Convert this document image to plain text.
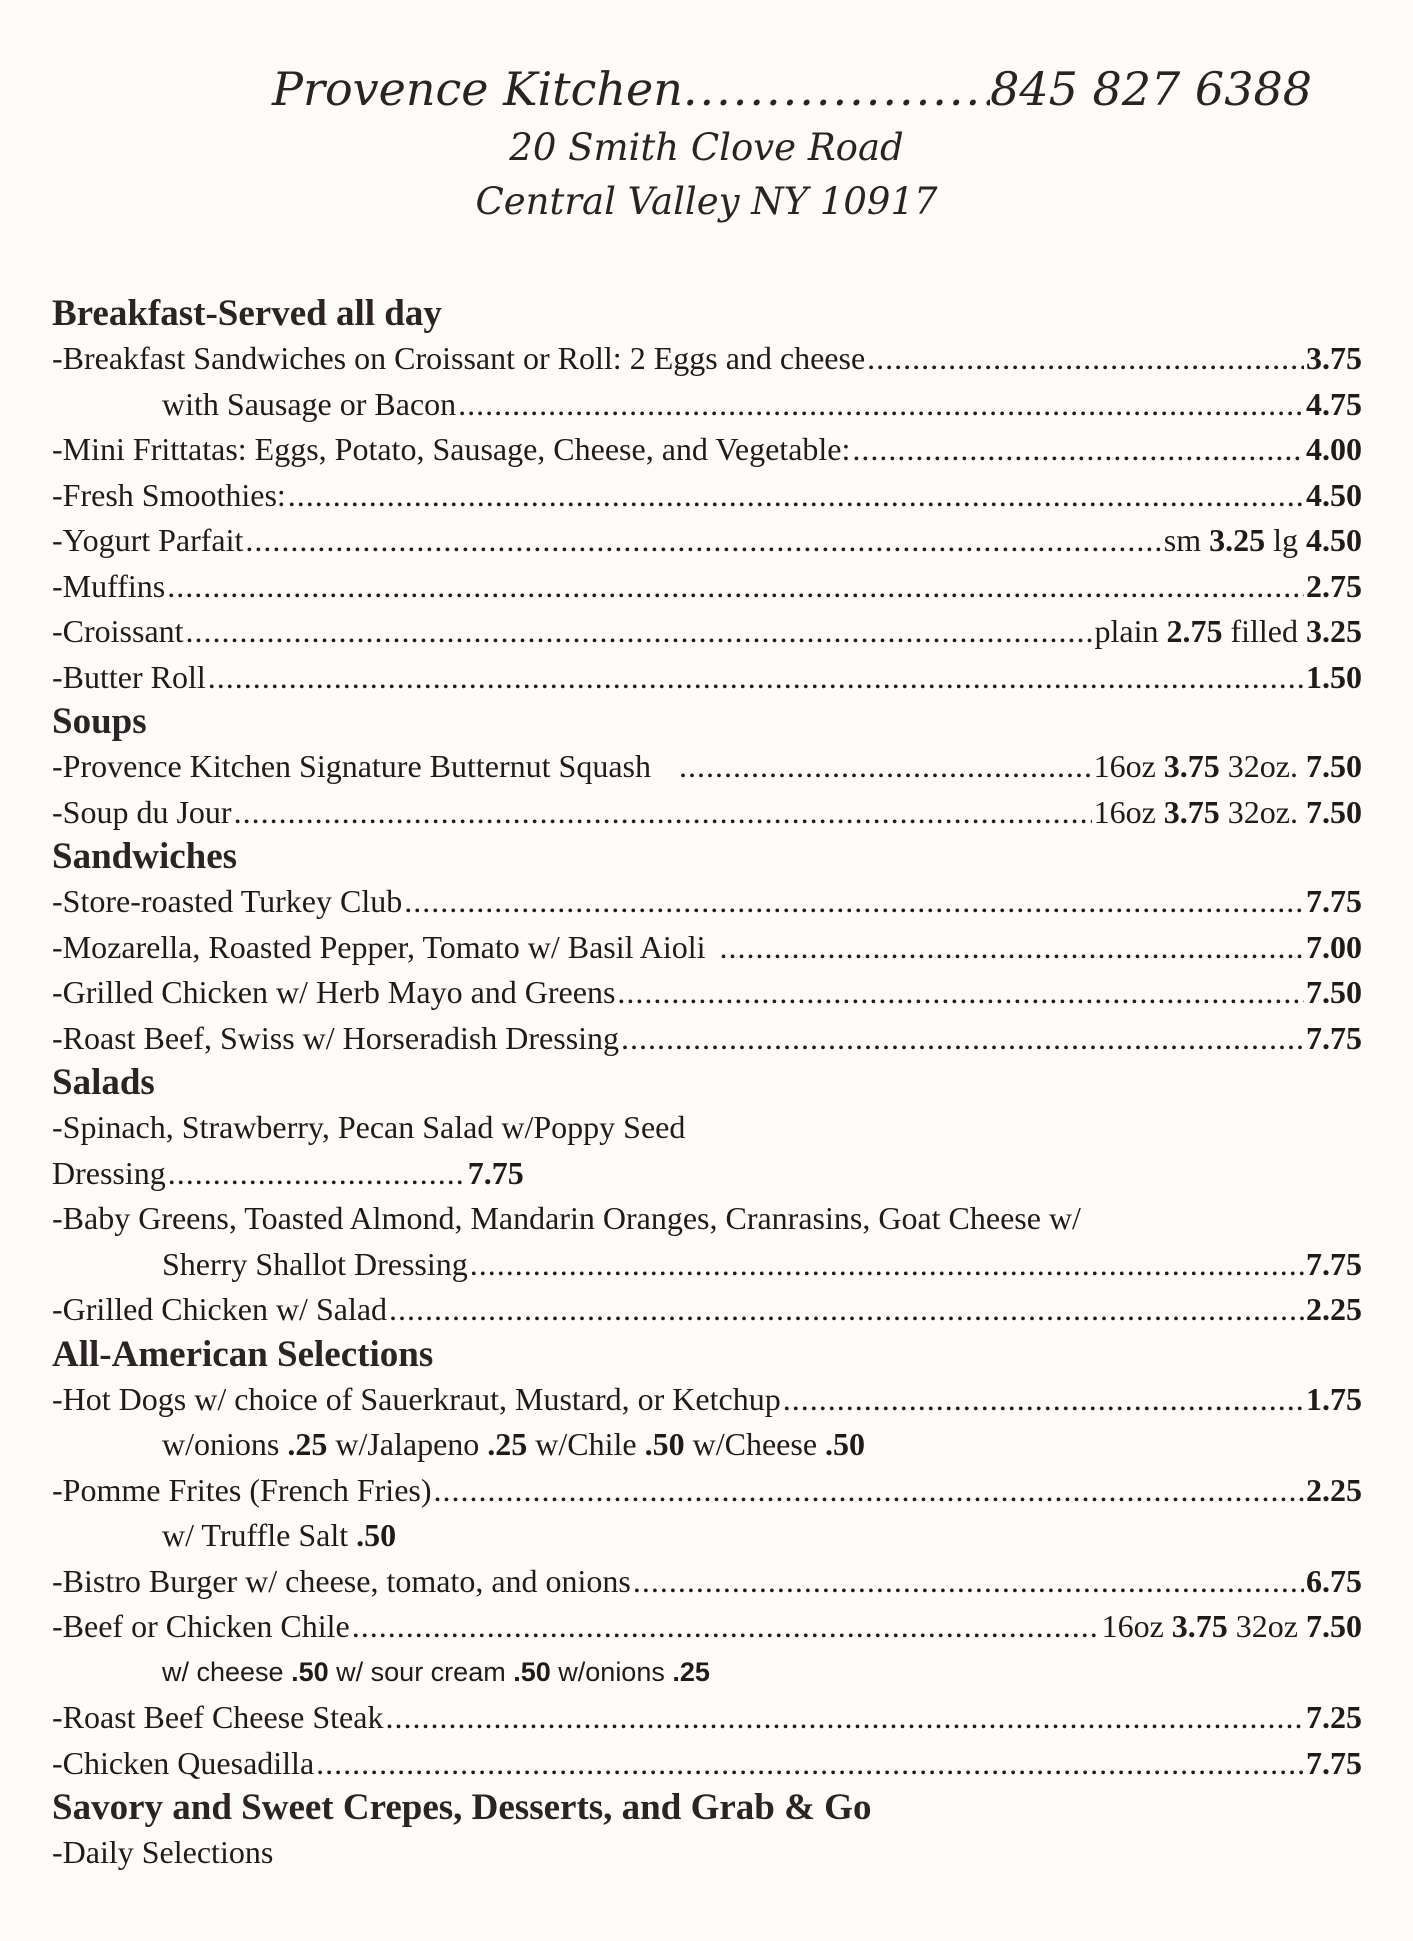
Provence Kitchen .....	845 827 6388
20 Smith Clove Road
Central Valley NY 10917
Breakfast-Served all day
-Breakfast Sandwiches on Croissant or Roll: 2 Eggs and cheese .....	3.75
with Sausage or Bacon .....	4.75
-Mini Frittatas: Eggs, Potato, Sausage, Cheese, and Vegetable: .....	4.00
-Fresh Smoothies: .....	4.50
-Yogurt Parfait .....	sm 3.25 lg 4.50
-Muffins .....	2.75
-Croissant .....	plain 2.75 filled 3.25
-Butter Roll .....	1.50
Soups
-Provence Kitchen Signature Butternut Squash .....	16oz 3.75 32oz. 7.50
-Soup du Jour .....	16oz 3.75 32oz. 7.50
Sandwiches
-Store-roasted Turkey Club .....	7.75
-Mozarella, Roasted Pepper, Tomato w/ Basil Aioli .....	7.00
-Grilled Chicken w/ Herb Mayo and Greens .....	7.50
-Roast Beef, Swiss w/ Horseradish Dressing .....	7.75
Salads
-Spinach, Strawberry, Pecan Salad w/Poppy Seed
Dressing .....	7.75
-Baby Greens, Toasted Almond, Mandarin Oranges, Cranrasins, Goat Cheese w/
Sherry Shallot Dressing .....	7.75
-Grilled Chicken w/ Salad .....	2.25
All-American Selections
-Hot Dogs w/ choice of Sauerkraut, Mustard, or Ketchup .....	1.75
w/onions .25 w/Jalapeno .25 w/Chile .50 w/Cheese .50
-Pomme Frites (French Fries) .....	2.25
w/ Truffle Salt .50
-Bistro Burger w/ cheese, tomato, and onions .....	6.75
-Beef or Chicken Chile .....	16oz 3.75 32oz 7.50
w/ cheese .50 w/ sour cream .50 w/onions .25
-Roast Beef Cheese Steak .....	7.25
-Chicken Quesadilla .....	7.75
Savory and Sweet Crepes, Desserts, and Grab & Go
-Daily Selections
